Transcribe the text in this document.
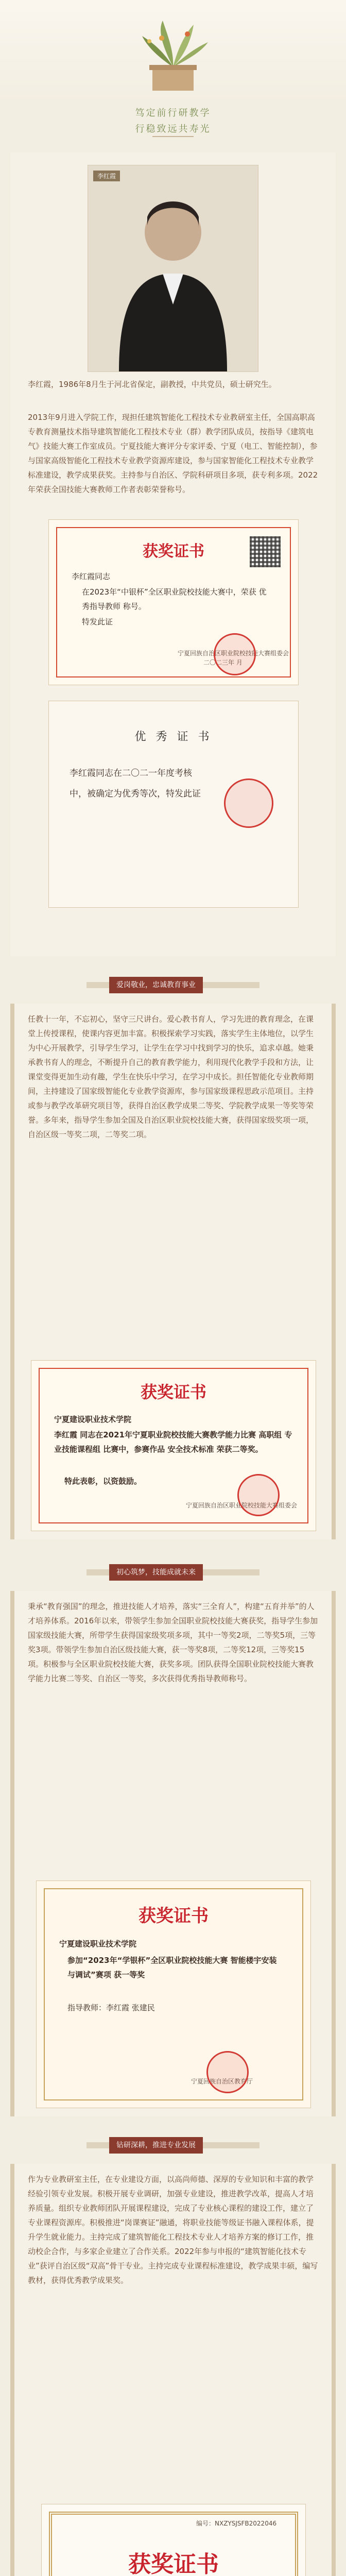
笃定前行研教学
行稳致远共寿光
李红霞
李红霞，1986年8月生于河北省保定，副教授，中共党员，硕士研究生。
2013年9月进入学院工作，现担任建筑智能化工程技术专业教研室主任，全国高职高专教育测量技术指导建筑智能化工程技术专业（群）教学团队成员，按指导《建筑电气》技能大赛工作室成员。宁夏技能大赛评分专家评委、宁夏（电工、智能控制），参与国家高级智能化工程技术专业教学资源库建设，参与国家智能化工程技术专业教学标准建设，教学成果获奖。主持参与自治区、学院科研项目多项，获专利多项。2022年荣获全国技能大赛教师工作者表彰荣誉称号。
获奖证书
李红霞同志
在2023年“中银杯”全区职业院校技能大赛中，荣获 优秀指导教师 称号。
特发此证
宁夏回族自治区职业院校技能大赛组委会
二〇二三年 月
优 秀 证 书
李红霞同志在二〇二一年度考核中，被确定为优秀等次，特发此证
爱岗敬业，忠诚教育事业
任教十一年，不忘初心，坚守三尺讲台。爱心教书育人，学习先进的教育理念，在课堂上传授课程，使课内容更加丰富。积极探索学习实践，落实学生主体地位，以学生为中心开展教学，引导学生学习，让学生在学习中找到学习的快乐，追求卓越。她秉承教书育人的理念，不断提升自己的教育教学能力，利用现代化教学手段和方法，让课堂变得更加生动有趣，学生在快乐中学习，在学习中成长。担任智能化专业教师期间，主持建设了国家级智能化专业教学资源库，参与国家级课程思政示范项目。主持或参与教学改革研究项目等，获得自治区教学成果二等奖、学院教学成果一等奖等荣誉。多年来，指导学生参加全国及自治区职业院校技能大赛，获得国家级奖项一项，自治区级一等奖二项，二等奖二项。
获奖证书
宁夏建设职业技术学院
李红霞 同志在2021年宁夏职业院校技能大赛教学能力比赛 高职组 专业技能课程组 比赛中，参赛作品 安全技术标准 荣获二等奖。
特此表彰，以资鼓励。
宁夏回族自治区职业院校技能大赛组委会
初心筑梦，技能成就未来
秉承“教育强国”的理念，推进技能人才培养，落实“三全育人”，构建“五育并举”的人才培养体系。2016年以来，带领学生参加全国职业院校技能大赛获奖，指导学生参加国家级技能大赛，所带学生获得国家级奖项多项，其中一等奖2项，二等奖5项，三等奖3项。带领学生参加自治区级技能大赛，获一等奖8项，二等奖12项，三等奖15项。积极参与全区职业院校技能大赛，获奖多项。团队获得全国职业院校技能大赛教学能力比赛二等奖、自治区一等奖，多次获得优秀指导教师称号。
获奖证书
宁夏建设职业技术学院
参加“2023年“学银杯”全区职业院校技能大赛 智能楼宇安装与调试”赛项 获一等奖
指导教师：李红霞 张建民
宁夏回族自治区教育厅
钻研深耕，推进专业发展
作为专业教研室主任，在专业建设方面，以高尚师德、深厚的专业知识和丰富的教学经验引领专业发展。积极开展专业调研，加强专业建设，推进教学改革，提高人才培养质量。组织专业教师团队开展课程建设，完成了专业核心课程的建设工作，建立了专业课程资源库。积极推进“岗课赛证”融通，将职业技能等级证书融入课程体系，提升学生就业能力。主持完成了建筑智能化工程技术专业人才培养方案的修订工作，推动校企合作，与多家企业建立了合作关系。2022年参与申报的“建筑智能化技术专业”获评自治区级“双高”骨干专业。主持完成专业课程标准建设，教学成果丰硕，编写教材，获得优秀教学成果奖。
编号：NXZYSJSFB2022046
获奖证书
